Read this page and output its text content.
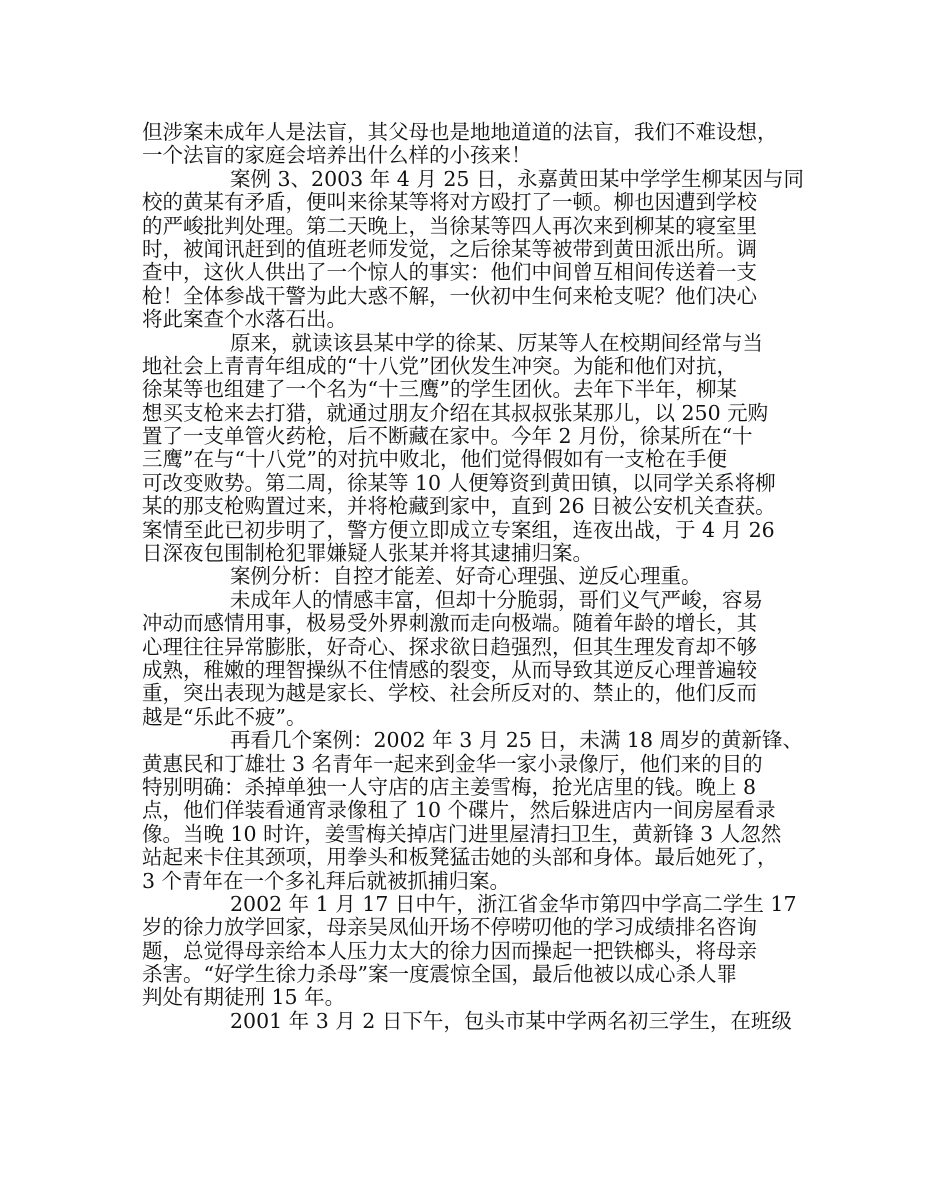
但涉案未成年人是法盲，其父母也是地地道道的法盲，我们不难设想，
一个法盲的家庭会培养出什么样的小孩来！
案例 3、2003 年 4 月 25 日，永嘉黄田某中学学生柳某因与同
校的黄某有矛盾，便叫来徐某等将对方殴打了一顿。柳也因遭到学校
的严峻批判处理。第二天晚上，当徐某等四人再次来到柳某的寝室里
时，被闻讯赶到的值班老师发觉，之后徐某等被带到黄田派出所。调
查中，这伙人供出了一个惊人的事实：他们中间曾互相间传送着一支
枪！全体参战干警为此大惑不解，一伙初中生何来枪支呢？他们决心
将此案查个水落石出。
原来，就读该县某中学的徐某、厉某等人在校期间经常与当
地社会上青青年组成的“十八党”团伙发生冲突。为能和他们对抗，
徐某等也组建了一个名为“十三鹰”的学生团伙。去年下半年，柳某
想买支枪来去打猎，就通过朋友介绍在其叔叔张某那儿，以 250 元购
置了一支单管火药枪，后不断藏在家中。今年 2 月份，徐某所在“十
三鹰”在与“十八党”的对抗中败北，他们觉得假如有一支枪在手便
可改变败势。第二周，徐某等 10 人便筹资到黄田镇，以同学关系将柳
某的那支枪购置过来，并将枪藏到家中，直到 26 日被公安机关查获。
案情至此已初步明了，警方便立即成立专案组，连夜出战，于 4 月 26
日深夜包围制枪犯罪嫌疑人张某并将其逮捕归案。
案例分析：自控才能差、好奇心理强、逆反心理重。
未成年人的情感丰富，但却十分脆弱，哥们义气严峻，容易
冲动而感情用事，极易受外界刺激而走向极端。随着年龄的增长，其
心理往往异常膨胀，好奇心、探求欲日趋强烈，但其生理发育却不够
成熟，稚嫩的理智操纵不住情感的裂变，从而导致其逆反心理普遍较
重，突出表现为越是家长、学校、社会所反对的、禁止的，他们反而
越是“乐此不疲”。
再看几个案例：2002 年 3 月 25 日，未满 18 周岁的黄新锋、
黄惠民和丁雄壮 3 名青年一起来到金华一家小录像厅，他们来的目的
特别明确：杀掉单独一人守店的店主姜雪梅，抢光店里的钱。晚上 8
点，他们佯装看通宵录像租了 10 个碟片，然后躲进店内一间房屋看录
像。当晚 10 时许，姜雪梅关掉店门进里屋清扫卫生，黄新锋 3 人忽然
站起来卡住其颈项，用拳头和板凳猛击她的头部和身体。最后她死了，
3 个青年在一个多礼拜后就被抓捕归案。
2002 年 1 月 17 日中午，浙江省金华市第四中学高二学生 17
岁的徐力放学回家，母亲吴凤仙开场不停唠叨他的学习成绩排名咨询
题，总觉得母亲给本人压力太大的徐力因而操起一把铁榔头，将母亲
杀害。“好学生徐力杀母”案一度震惊全国，最后他被以成心杀人罪
判处有期徒刑 15 年。
2001 年 3 月 2 日下午，包头市某中学两名初三学生，在班级
